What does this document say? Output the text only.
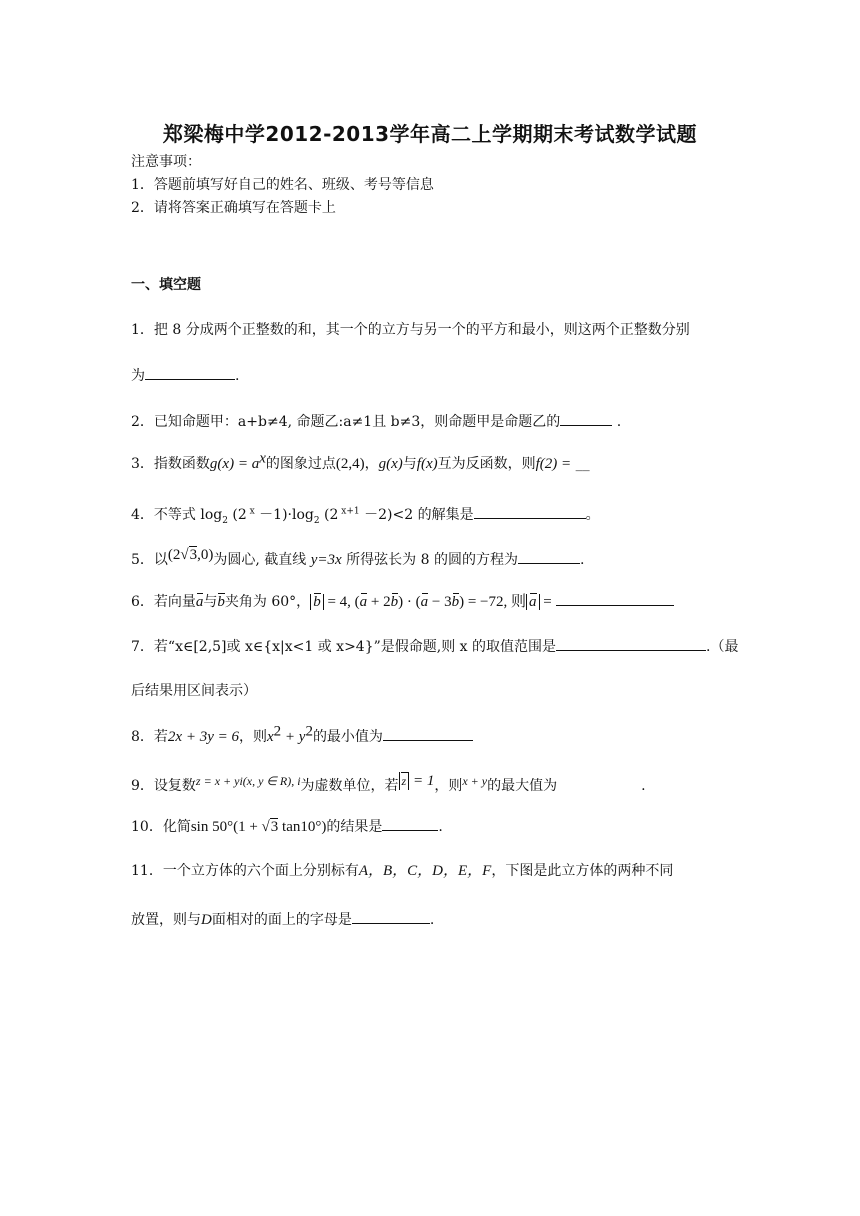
郑梁梅中学2012-2013学年高二上学期期末考试数学试题
注意事项：
1．答题前填写好自己的姓名、班级、考号等信息
2．请将答案正确填写在答题卡上
一、填空题
1．把 8 分成两个正整数的和，其一个的立方与另一个的平方和最小，则这两个正整数分别
为	.
2．已知命题甲：a+b≠4, 命题乙:a≠1且 b≠3，则命题甲是命题乙的	.
3．指数函数$g(x) = a^x$的图象过点(2,4)，g(x)与f(x)互为反函数，则f(2) = __
4．不等式 $\log_2 (2$ $^x -1)\cdot\log_2$ (2 $^{x+1}$ －2)<2 的解集是	。
5．以(2√3,0)为圆心, 截直线 y=3x 所得弦长为 8 的圆的方程为	.
6．若向量a与b夹角为 60°， b = 4, (a + 2b) · (a − 3b) = −72, 则 a =
7．若“x∈[2,5]或 x∈{x|x<1 或 x>4}”是假命题,则 x 的取值范围是	.（最
后结果用区间表示）
8．若2x + 3y = 6，则$x^2 + y^2$的最小值为
9．设复数z = x + yi(x, y ∈ R), i为虚数单位，若 z = 1，则x + y的最大值为	.
10．化简sin 50°(1 + √3 tan10°)的结果是	.
11．一个立方体的六个面上分别标有A，B，C，D，E，F，下图是此立方体的两种不同
放置，则与D面相对的面上的字母是	.
